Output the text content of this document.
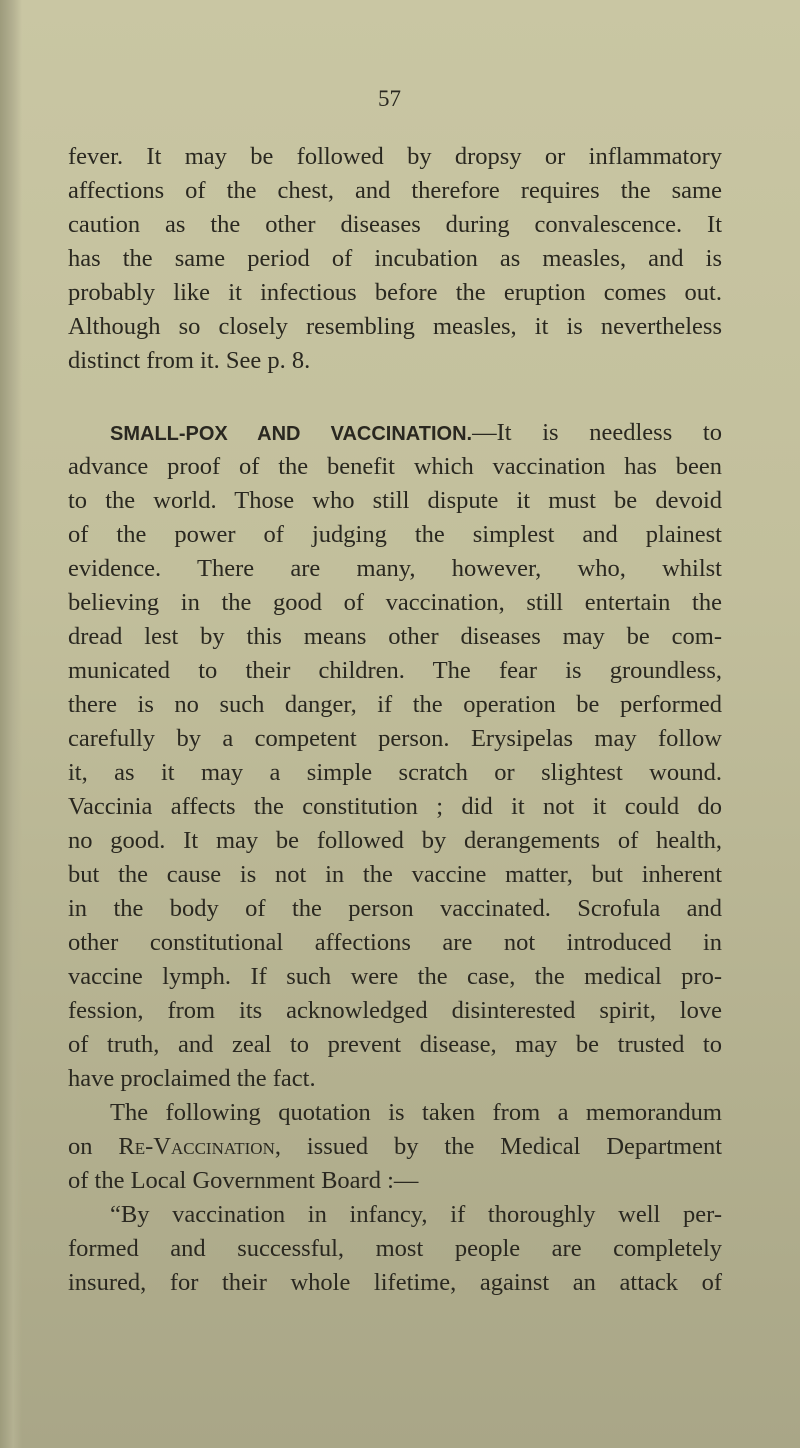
57
fever. It may be followed by dropsy or inflammatory
affections of the chest, and therefore requires the same
caution as the other diseases during convalescence. It
has the same period of incubation as measles, and is
probably like it infectious before the eruption comes out.
Although so closely resembling measles, it is nevertheless
distinct from it. See p. 8.
SMALL-POX AND VACCINATION.—It is needless to
advance proof of the benefit which vaccination has been
to the world. Those who still dispute it must be devoid
of the power of judging the simplest and plainest
evidence. There are many, however, who, whilst
believing in the good of vaccination, still entertain the
dread lest by this means other diseases may be com-
municated to their children. The fear is groundless,
there is no such danger, if the operation be performed
carefully by a competent person. Erysipelas may follow
it, as it may a simple scratch or slightest wound.
Vaccinia affects the constitution ; did it not it could do
no good. It may be followed by derangements of health,
but the cause is not in the vaccine matter, but inherent
in the body of the person vaccinated. Scrofula and
other constitutional affections are not introduced in
vaccine lymph. If such were the case, the medical pro-
fession, from its acknowledged disinterested spirit, love
of truth, and zeal to prevent disease, may be trusted to
have proclaimed the fact.
The following quotation is taken from a memorandum
on Re-Vaccination, issued by the Medical Department
of the Local Government Board :—
“By vaccination in infancy, if thoroughly well per-
formed and successful, most people are completely
insured, for their whole lifetime, against an attack of
